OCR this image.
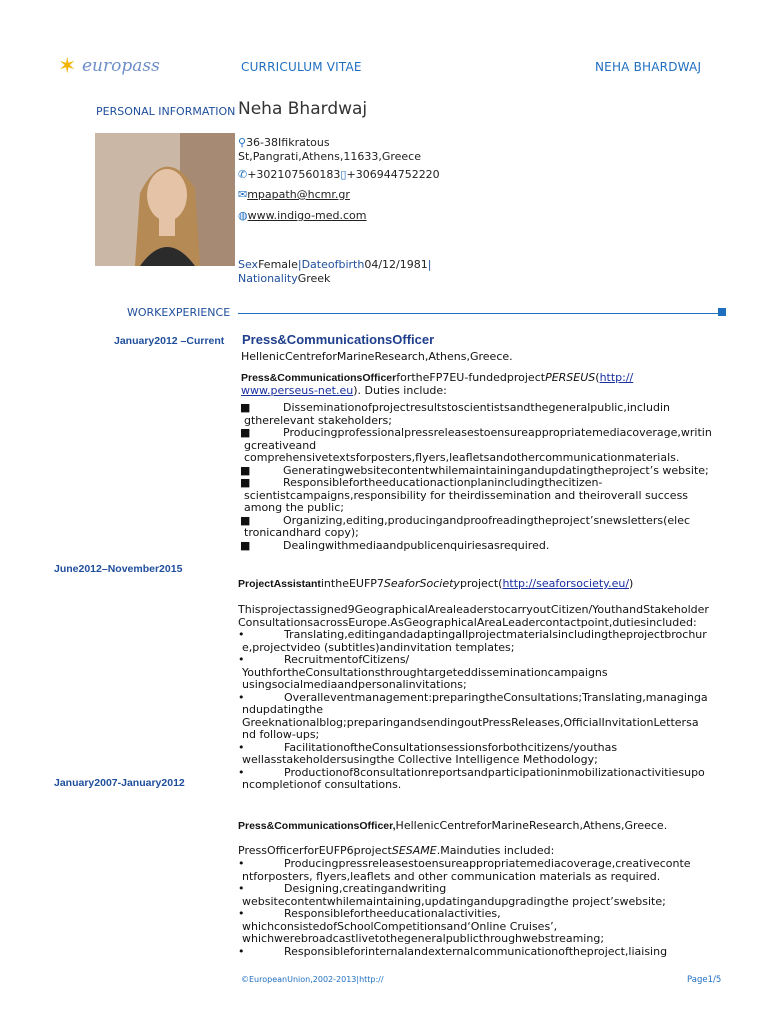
✶ europass	CURRICULUM VITAE	NEHA BHARDWAJ
PERSONAL INFORMATION Neha Bhardwaj
⚲36-38Ifikratous
St,Pangrati,Athens,11633,Greece
✆+302107560183▯+306944752220
✉mpapath@hcmr.gr
◍www.indigo-med.com
SexFemale|Dateofbirth04/12/1981|
NationalityGreek
WORKEXPERIENCE
January2012 –Current Press&CommunicationsOfficer
HellenicCentreforMarineResearch,Athens,Greece.
Press&CommunicationsOfficerfortheFP7EU-fundedprojectPERSEUS(http://
www.perseus-net.eu). Duties include:
■	Disseminationofprojectresultstoscientistsandthegeneralpublic,includin
gtherelevant stakeholders;
■	Producingprofessionalpressreleasestoensureappropriatemediacoverage,writin
gcreativeand
comprehensivetextsforposters,flyers,leafletsandothercommunicationmaterials.
■	Generatingwebsitecontentwhilemaintainingandupdatingtheproject’s website;
■	Responsiblefortheeducationactionplanincludingthecitizen-
scientistcampaigns,responsibility for theirdissemination and theiroverall success
among the public;
■	Organizing,editing,producingandproofreadingtheproject’snewsletters(elec
tronicandhard copy);
■	Dealingwithmediaandpublicenquiriesasrequired.
June2012–November2015
ProjectAssistantintheEUFP7SeaforSocietyproject(http://seaforsociety.eu/)
Thisprojectassigned9GeographicalArealeaderstocarryoutCitizen/YouthandStakeholder
ConsultationsacrossEurope.AsGeographicalAreaLeadercontactpoint,dutiesincluded:
•	Translating,editingandadaptingallprojectmaterialsincludingtheprojectbrochur
e,projectvideo (subtitles)andinvitation templates;
•	RecruitmentofCitizens/
YouthfortheConsultationsthroughtargeteddisseminationcampaigns
usingsocialmediaandpersonalinvitations;
•	Overalleventmanagement:preparingtheConsultations;Translating,managinga
ndupdatingthe
Greeknationalblog;preparingandsendingoutPressReleases,OfficialInvitationLettersa
nd follow-ups;
•	FacilitationoftheConsultationsessionsforbothcitizens/youthas
wellasstakeholdersusingthe Collective Intelligence Methodology;
•	Productionof8consultationreportsandparticipationinmobilizationactivitiesupo
ncompletionof consultations.
January2007-January2012
Press&CommunicationsOfficer,HellenicCentreforMarineResearch,Athens,Greece.
PressOfficerforEUFP6projectSESAME.Mainduties included:
•	Producingpressreleasestoensureappropriatemediacoverage,creativeconte
ntforposters, flyers,leaflets and other communication materials as required.
•	Designing,creatingandwriting
websitecontentwhilemaintaining,updatingandupgradingthe project’swebsite;
•	Responsiblefortheeducationalactivities,
whichconsistedofSchoolCompetitionsand‘Online Cruises’,
whichwerebroadcastlivetothegeneralpublicthroughwebstreaming;
•	Responsibleforinternalandexternalcommunicationoftheproject,liaising
©EuropeanUnion,2002-2013|http://	Page1/5
